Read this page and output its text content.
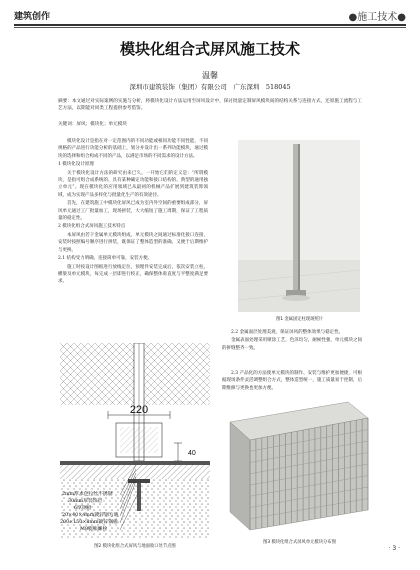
建筑创作	●施工技术●
模块化组合式屏风施工技术
温馨
深圳市建筑装饰（集团）有限公司　广东深圳　518045
摘要：本文通过对实际案例的实施与分析，将模块化设计方法运用至屏风设计中，探讨批量定制屏风模块间的结构关系与连接方式，还原施工流程与工艺方法，以期能对同类工程提供参考借鉴。
关键词：屏风；模块化；单元模块

模块化设计是指在对一定范围内的不同功能或相同功能不同性能、不同规格的产品进行功能分析的基础上，划分并设计出一系列功能模块，通过模块的选择和组合构成不同的产品，以满足市场的不同需求的设计方法。

1 模块化设计原理

关于模块化设计方法的研究由来已久。一开始它们的定义是：“所谓模块，是指可组合成系统的、具有某种确定功能和接口结构的、典型的通用独立单元”。现在模块化的应用领域已从最初的机械产品扩展到建筑装饰领域，成为实现产品多样化与批量化生产的有效途径。

首先，在建筑施工中模块化屏风已成为室内外空间的重要组成部分，屏风单元通过工厂批量加工，现场拼装，大大缩短了施工周期，保证了工程质量的稳定性。

2 模块化组合式屏风施工技术特点

本屏风由若干金属单元模块组成，单元模块之间通过标准化接口连接，安装时按照编号顺序进行拼装，既保证了整体造型的准确，又便于后期维护与更换。

2.1 结构受力明确，连接简单可靠，安装方便。

施工时按设计图纸进行放线定位，预埋件安装完成后，依次安装立柱、横梁及单元模块，每完成一层即进行校正，确保整体垂直度与平整度满足要求。

图1 金属固定柱现场照片

2.2 金属面层处理美观，保证屏风的整体效果与稳定性。

金属表面处理采用喷涂工艺，色泽均匀，耐候性强，单元模块之间的拼缝整齐一致。

2.3 产品化的方法使单元模块的制作、安装与维护更加便捷，可根据现场条件灵活调整组合方式，整体造型统一，施工质量易于控制，后期维修与更换也更加方便。

220
40
2mm厚本色拉丝不锈钢
30mm厚装饰层
6厚钢板
20×40×4mm镀锌钢方通
200×150×8mm镀锌钢板
M8膨胀螺栓
图2 模块化组合式屏风与地面收口处节点图
图3 模块化组合式屏风单元模块分布图
· 3 ·
